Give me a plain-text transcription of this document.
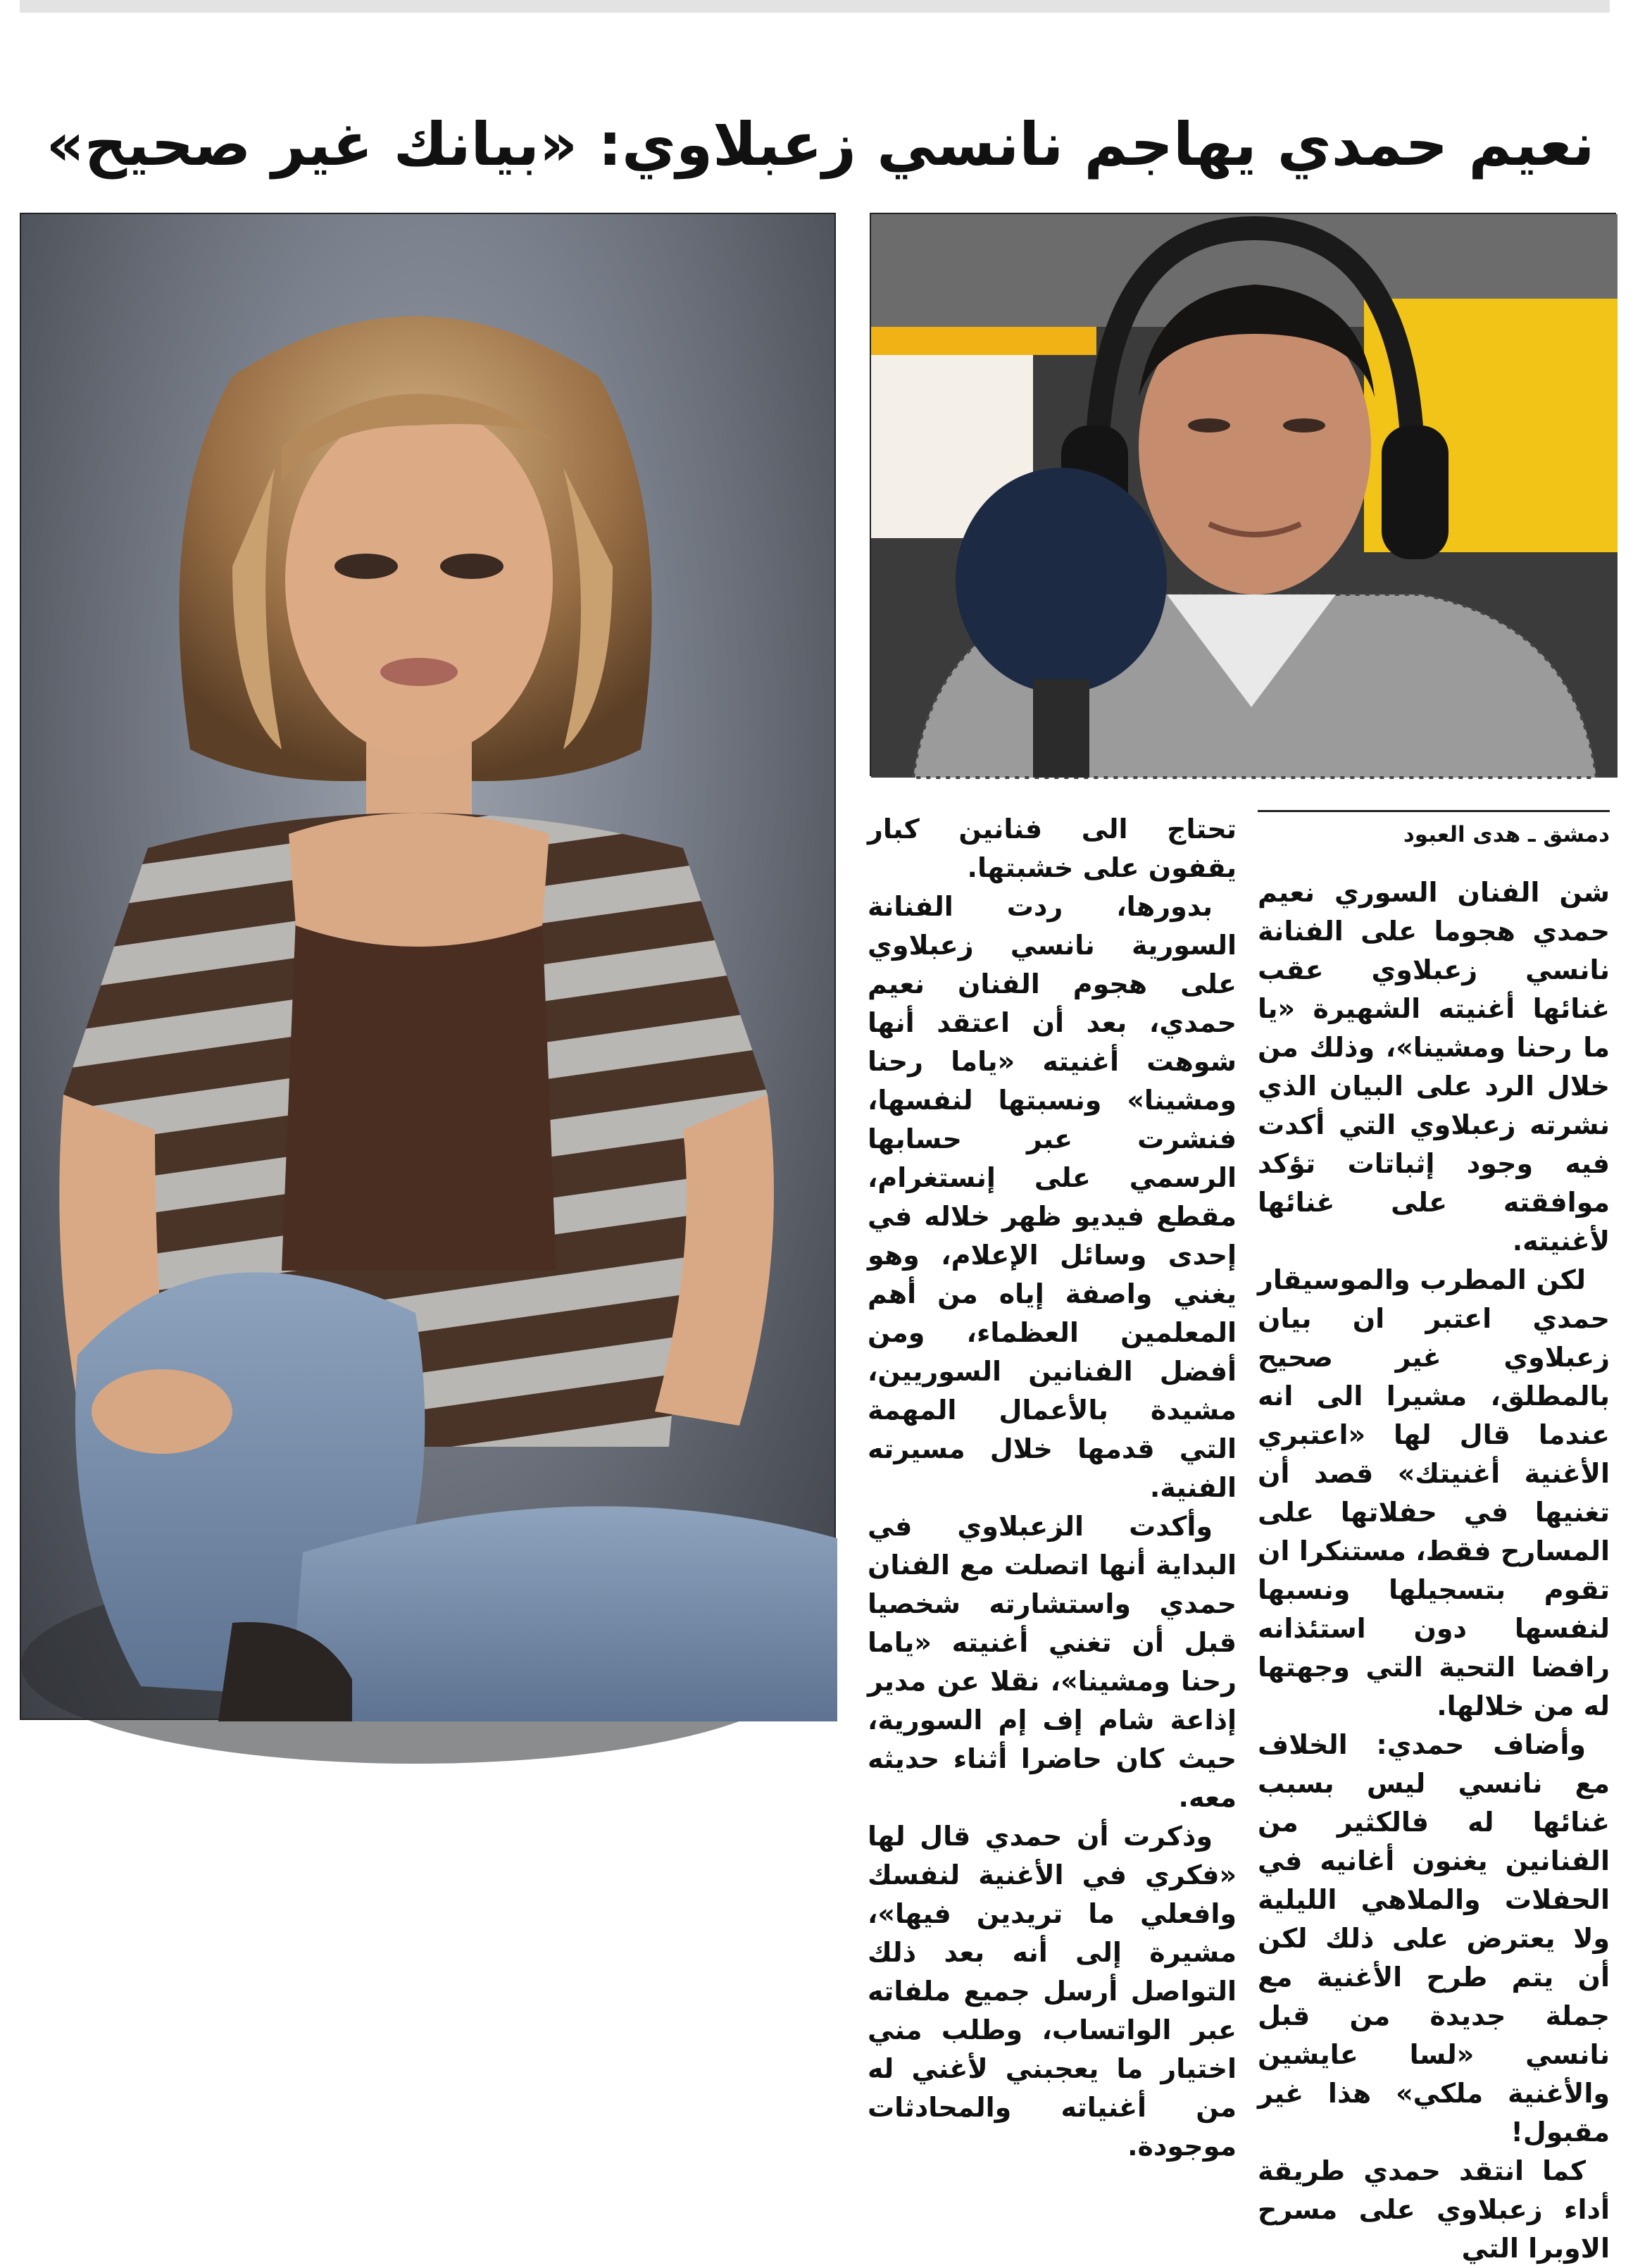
نعيم حمدي يهاجم نانسي زعبلاوي: «بيانك غير صحيح»
دمشق ـ هدى العبود

شن الفنان السوري نعيم حمدي هجوما على الفنانة نانسي زعبلاوي عقب غنائها أغنيته الشهيرة «يا ما رحنا ومشينا»، وذلك من خلال الرد على البيان الذي نشرته زعبلاوي التي أكدت فيه وجود إثباتات تؤكد موافقته على غنائها لأغنيته.

لكن المطرب والموسيقار حمدي اعتبر ان بيان زعبلاوي غير صحيح بالمطلق، مشيرا الى انه عندما قال لها «اعتبري الأغنية أغنيتك» قصد أن تغنيها في حفلاتها على المسارح فقط، مستنكرا ان تقوم بتسجيلها ونسبها لنفسها دون استئذانه رافضا التحية التي وجهتها له من خلالها.

وأضاف حمدي: الخلاف مع نانسي ليس بسبب غنائها له فالكثير من الفنانين يغنون أغانيه في الحفلات والملاهي الليلية ولا يعترض على ذلك لكن أن يتم طرح الأغنية مع جملة جديدة من قبل نانسي «لسا عايشين والأغنية ملكي» هذا غير مقبول!

كما انتقد حمدي طريقة أداء زعبلاوي على مسرح الاوبرا التي

تحتاج الى فنانين كبار يقفون على خشبتها.

بدورها، ردت الفنانة السورية نانسي زعبلاوي على هجوم الفنان نعيم حمدي، بعد أن اعتقد أنها شوهت أغنيته «ياما رحنا ومشينا» ونسبتها لنفسها، فنشرت عبر حسابها الرسمي على إنستغرام، مقطع فيديو ظهر خلاله في إحدى وسائل الإعلام، وهو يغني واصفة إياه من أهم المعلمين العظماء، ومن أفضل الفنانين السوريين، مشيدة بالأعمال المهمة التي قدمها خلال مسيرته الفنية.

وأكدت الزعبلاوي في البداية أنها اتصلت مع الفنان حمدي واستشارته شخصيا قبل أن تغني أغنيته «ياما رحنا ومشينا»، نقلا عن مدير إذاعة شام إف إم السورية، حيث كان حاضرا أثناء حديثه معه.

وذكرت أن حمدي قال لها «فكري في الأغنية لنفسك وافعلي ما تريدين فيها»، مشيرة إلى أنه بعد ذلك التواصل أرسل جميع ملفاته عبر الواتساب، وطلب مني اختيار ما يعجبني لأغني له من أغنياته والمحادثات موجودة.
